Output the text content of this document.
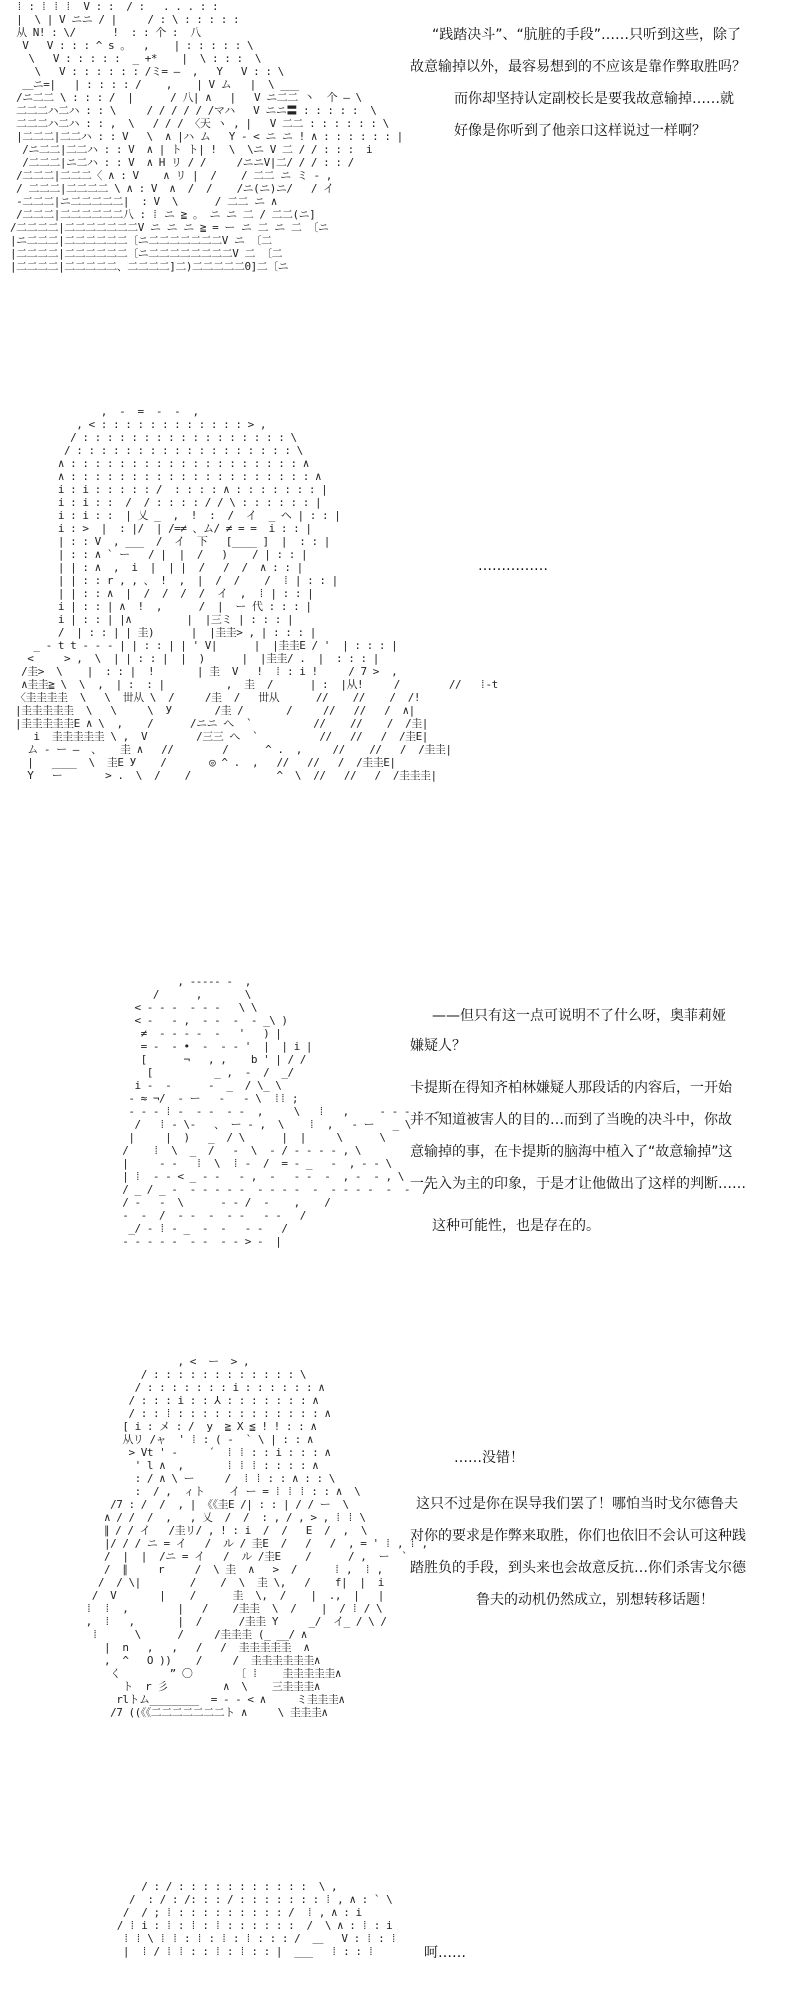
⁞ : ⁞ ⁞ ⁞  V : :  / :   . . . : :
|  \ | V ニニ / |     / : \ : : : : :
从 N! : \/      !  : : 个 :  八
V   V : : : ^ s 。  ,    | : : : : : \
\   V : : : : :  _ +*    |  \ : : :  \
\   V : : : : : : /ミ= —  ,   Y   V : : \
＿ニ=|   | : : : : /    ,    | V ム   |  \ ___
/ニ二二 \ : : : /  |      / 八| ∧   |   V ニ二二 丶  个 — \
二二二ハ二ハ : : \     / / / / / /マハ   V ニニ〓 : : : : :  \
二二二ハ二ハ : : ,  \   / / / 〈天 ヽ , |   V 二二 : : : : : : \
|二二二|二二ハ : : V   \  ∧ |ハ ム   Y - < ニ ニ ! ∧ : : : : : : |
/ニ二二|二二ハ : : V  ∧ | ト ト| !  \  \ニ V 二 / / : : :  i
/二二二|ニ二ハ : : V  ∧ H リ / /     /ニニV|二/ / / : : /
/二二二|二二二〈 ∧ : V    ∧ リ |  /    / 二二 ニ ミ - ,
/ 二二二|二二二二 \ ∧ : V  ∧  /  /    /ニ(ニ)ニ/   / イ
-二二二|ニ二二二二二|  : V  \      / 二二 ニ ∧
/二二二|二二二二二二八 : ⁞ ニ ≧ 。 ニ ニ 二 / 二二(ニ]
/二二二二|二二二二二二二V ニ ニ ニ ≧ = ー ニ 二 ニ 二 〔ニ
|ニ二二二|二二二二二二〔ニ二二二二二二二V ニ 〔二
|二二二二|二二二二二二〔ニ二二二二二二二二V 二 〔二
|二二二二|二二二二二、二二二二]二)二二二二二0]二〔ニ
“践踏决斗”、“肮脏的手段”……只听到这些，除了
故意输掉以外，最容易想到的不应该是靠作弊取胜吗？
而你却坚持认定副校长是要我故意输掉……就
好像是你听到了他亲口这样说过一样啊？
,  -  =  -  -  ,
, < : : : : : : : : : : : : > ,
/ : : : : : : : : : : : : : : : : : \
/ : : : : : : : : : : : : : : : : : : \
∧ : : : : : : : : : : : : : : : : : : : ∧
∧ : : : : : : : : : : : : : : : : : : : : ∧
i : i : : : : : /  : : : : ∧ : : : : : : : |
i : i : :  /  / : : : : / / \ : : : : : : |
i : i : :  | 乂 _  ,  !  :  /  イ  _ ヘ | : : |
i : >  |  : |/  | /=≠ 、ム/ ≠ = =  i : : |
| : : V  , ___  /  イ  下   [____ ]  |  : : |
| : : ∧ ` ー   / |  |  /   )    / | : : |
| | : ∧  ,  i  |  | |  /   /  /  ∧ : : |
| | : : r , , 、 !  ,  |  /  /    /  ⁞ | : : |
| | : : ∧  |  /  /  /  /  イ  ,  ⁞ | : : |
i | : : | ∧  !  ,      /  |  ー 代 : : : |
i | : : | |∧         |  |三ミ | : : : |
/  | : : | | 圭)      |  |圭圭> , | : : : |
_ - t t - - - | | : : | | ' V|      |  |圭圭E / '  | : : : |
<     > ,  \  | | : : |  |  )      |  |圭圭/ .  |  : : : |
/圭>  \    |  : : |  !       | 圭  V   !  ⁞ : i !     / 7 >  ,
∧圭圭≧ \  \  ,  | :  : |          ,  圭  /      | :  |从!     /        //   ⁞-t
〈圭圭圭圭  \   \  丗从 \  /     /圭  /   丗从      //    //    /  /!
|圭圭圭圭圭  \   \     \  У       /圭 /       /     //   //   /  ∧|
|圭圭圭圭圭E ∧ \  ,    /      /ニニ へ  `          //    //    /  /圭|
i  圭圭圭圭圭 \ ,  V        /三三 へ  `          //   //   /  /圭E|
ム - ー —  、   圭 ∧   //        /      ^ .  ,     //    //   /  /圭圭|
|   ____  \  圭E У    /       ◎ ^ .  ,   //   //   /  /圭圭E|
Y   ー       > .  \  /    /              ^  \  //   //   /  /圭圭圭|
……………
, ----- -  ,
/      ,       \
< ‐ ‐ ‐  ‐ ‐ -   \ \
< -   - ,  ‐ ‐  ‐  - _\ )
≠  ‐ ‐ - ‐  ‐   '   ) |
= -  ‐ •  ‐  ‐ ‐ '  |  | i |
[      ¬   , ,    b ' | / /
[          _ ,  ‐  /  _/
i ‐  ‐      ‐  _  / \_ \
‐ ≈ ¬/  ‐ ー   ‐   ‐ \  ⁞⁞ ;
‐ ‐ ‐ ⁞ ‐  ‐ ‐  ‐ ‐  ,     \   ⁞   ,     ‐ ‐ ‐ ‐  ‐ ,
/   ⁞ ‐ \‐   、 ー ‐ ,  \    ⁞  ,   ‐ ー   _ \
|     |  )   _  / \      |  |     \      \
/    ⁞  \  _  /   ‐  \  ‐ / ‐ ‐ - - , \
|     ‐ ‐   ⁞  \  ⁞ ‐  /  = ‐ _   ‐  , ‐ ‐ \
| ⁞  ‐ ‐ < _ ‐ ‐   ‐ ,  ‐   ‐ ‐  ‐  , ‐  ‐ , \
/ _ / _ ‐  ‐ ‐ ‐ ‐ ‐  - - ‐ ‐  ‐  ‐ ‐ ‐ ‐  ‐  ‐  /
/ ‐   ‐  \      ‐ ‐ /  ‐    ,    /
‐  ‐  /  ‐ ‐  ‐  ‐ ‐   ‐ ‐   /
_/ ‐ ⁞ ‐ _  ‐  ‐   ‐ ‐   /
‐ ‐ ‐ ‐ ‐  ‐ ‐  ‐ ‐ > ‐  |
——但只有这一点可说明不了什么呀，奥菲莉娅
嫌疑人？
卡提斯在得知齐柏林嫌疑人那段话的内容后，一开始
并不知道被害人的目的…而到了当晚的决斗中，你故
意输掉的事，在卡提斯的脑海中植入了“故意输掉”这
一先入为主的印象，于是才让他做出了这样的判断……
这种可能性，也是存在的。
, <  ー  > ,
/ : : : : : : : : : : : : \
/ : : : : : : : i : : : : : : ∧
/ : : : i : : ⅄ : : : : : : : ∧
/ : : ⁞ : : : : : : : : : : : : ∧
[ i : メ : /  y  ≧ X ≦ ! ! : : ∧
从リ /ャ  ' ⁞ : ( -  ` \ | : : ∧
> Vt ' ‐     ´  ⁞ ⁞ : : i : : : ∧
' l ∧  ,       ⁞ ⁞ ⁞ : : : : ∧
: / ∧ \ ー     /  ⁞ ⁞ : : ∧ : : \
:  / ,  ィト    イ ー = ⁞ ⁞ ⁞ : : ∧  \
/7 : /  /  , | 《《圭E /| : : | / / ー  \
∧ / /  /  ,   , 乂  /  /  : , / , > , ⁞ ⁞ \
∥ / / イ   /圭リ/ , ! : i  /  /   E  /  ,  \
|/ / / ニ = イ   /  ル / 圭E  /   /   /  , = ' ⁞ , ⁞ ,
/  |  |  /ニ = イ   /  ル /圭E    /      / ,  ー  `
/  ∥     r     /  \ 圭  ∧   >  /      ⁞ ,  ⁞ ,
/  / \|        /    /  \  圭 \,   /    f|  |  i
/  V       |    /      圭  \,  /    |  .,  |   |
⁞  ⁞  ,        |   /    /圭圭  \  /    |  / ⁞ / \
,  ⁞   ,       |  /      /圭圭 Y     _/  イ_ / \ /
⁞      \      /     /圭圭圭 (_ __/ ∧
|  n   ,   ,   /   /  圭圭圭圭圭  ∧
,  ^   O ))    /     /  圭圭圭圭圭圭∧
く        ” 〇       〔 ⁞    圭圭圭圭圭∧
ト  r 彡         ∧  \    三圭圭圭∧
rlトム________  = - ‐ < ∧     ミ圭圭圭∧
/7 ((《《二二二二二二二ト ∧     \ 圭圭圭∧
……没错！
这只不过是你在误导我们罢了！哪怕当时戈尔德鲁夫
对你的要求是作弊来取胜，你们也依旧不会认可这种践
踏胜负的手段，到头来也会故意反抗…你们杀害戈尔德
鲁夫的动机仍然成立，别想转移话题！
/ : / : : : : : : : : : : :  \ ,
/  : / : /: : : / : : : : : : : ⁞ , ∧ : ` \
/  / ; ⁞ : : : : : : : : : /  ⁞ , ∧ : i
/ ⁞ i : ⁞ : ⁞ : ⁞ : : : : : :  /  \ ∧ : ⁞ : i
⁞ ⁞ \ ⁞ ⁞ : ⁞ : ⁞ : ⁞ : : : /  ＿   V : ⁞ : ⁞
|  ⁞ / ⁞ ⁞ : : ⁞ : ⁞ : : |  ___   ⁞ : : ⁞	呵……
